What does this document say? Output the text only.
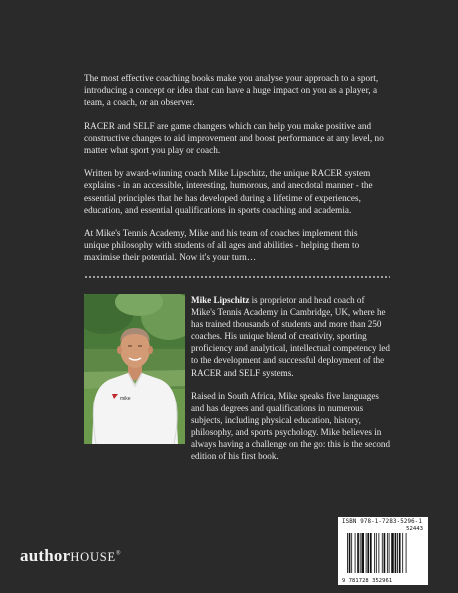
The most effective coaching books make you analyse your approach to a sport, introducing a concept or idea that can have a huge impact on you as a player, a team, a coach, or an observer.

RACER and SELF are game changers which can help you make positive and constructive changes to aid improvement and boost performance at any level, no matter what sport you play or coach.

Written by award-winning coach Mike Lipschitz, the unique RACER system explains - in an accessible, interesting, humorous, and anecdotal manner - the essential principles that he has developed during a lifetime of experiences, education, and essential qualifications in sports coaching and academia.

At Mike's Tennis Academy, Mike and his team of coaches implement this unique philosophy with students of all ages and abilities - helping them to maximise their potential. Now it's your turn…

mike

Mike Lipschitz is proprietor and head coach of Mike's Tennis Academy in Cambridge, UK, where he has trained thousands of students and more than 250 coaches. His unique blend of creativity, sporting proficiency and analytical, intellectual competency led to the development and successful deployment of the RACER and SELF systems.

Raised in South Africa, Mike speaks five languages and has degrees and qualifications in numerous subjects, including physical education, history, philosophy, and sports psychology. Mike believes in always having a challenge on the go: this is the second edition of his first book.

ISBN 978-1-7283-5296-1
52443
9 781728 352961
authorHOUSE®
